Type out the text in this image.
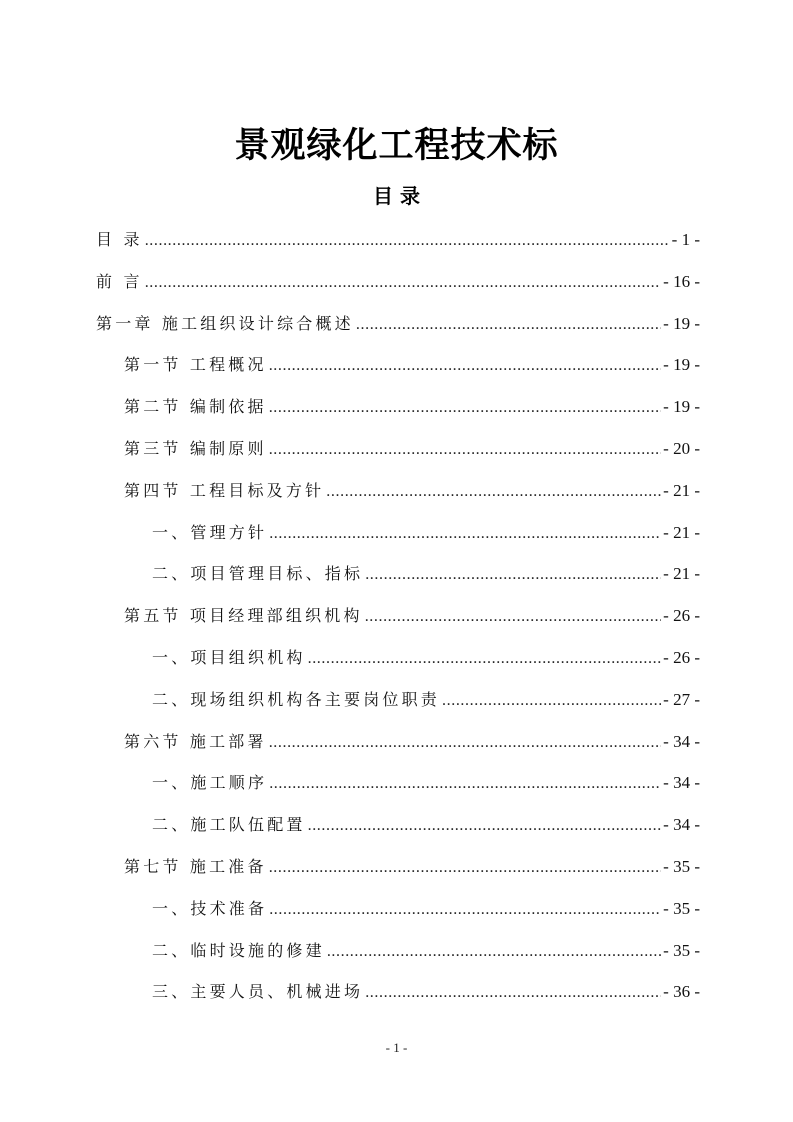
景观绿化工程技术标
目 录
目 录 .....	- 1 -
前 言 .....	- 16 -
第一章 施工组织设计综合概述 .....	- 19 -
第一节 工程概况 .....	- 19 -
第二节 编制依据 .....	- 19 -
第三节 编制原则 .....	- 20 -
第四节 工程目标及方针 .....	- 21 -
一、管理方针 .....	- 21 -
二、项目管理目标、指标 .....	- 21 -
第五节 项目经理部组织机构 .....	- 26 -
一、项目组织机构 .....	- 26 -
二、现场组织机构各主要岗位职责 .....	- 27 -
第六节 施工部署 .....	- 34 -
一、施工顺序 .....	- 34 -
二、施工队伍配置 .....	- 34 -
第七节 施工准备 .....	- 35 -
一、技术准备 .....	- 35 -
二、临时设施的修建 .....	- 35 -
三、主要人员、机械进场 .....	- 36 -
- 1 -
